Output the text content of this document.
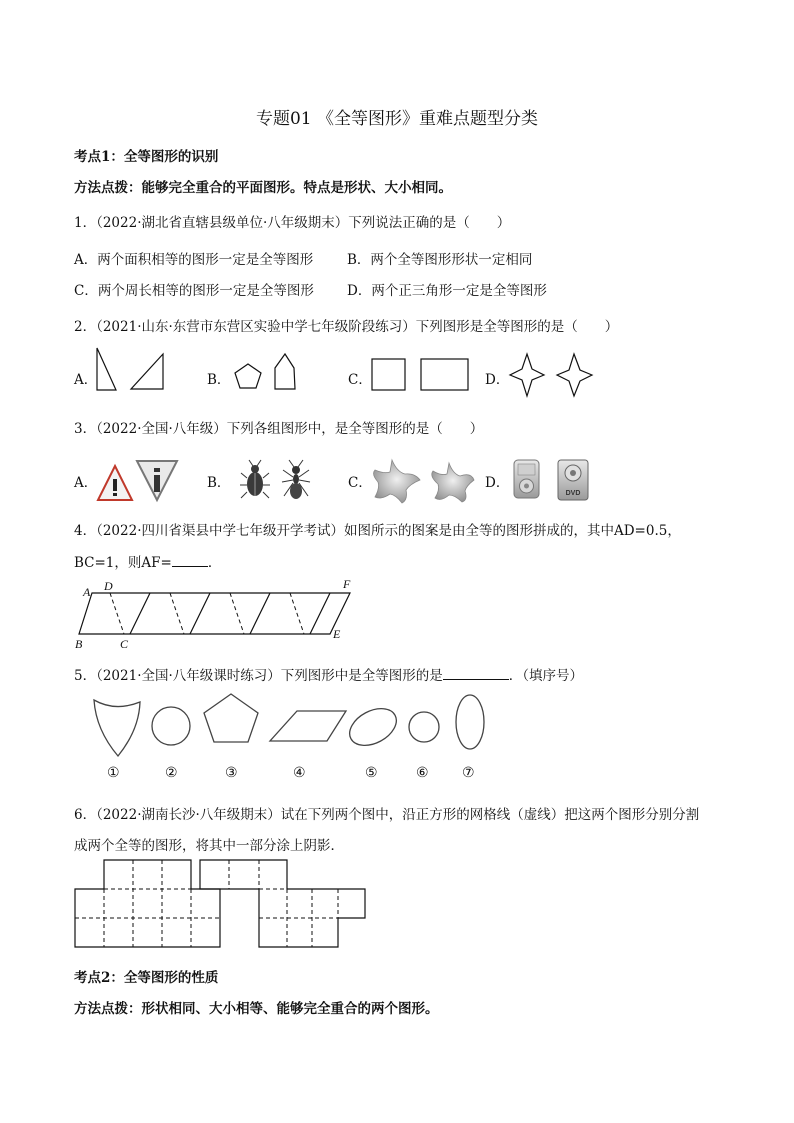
专题01 《全等图形》重难点题型分类
考点1：全等图形的识别
方法点拨：能够完全重合的平面图形。特点是形状、大小相同。
1．（2022·湖北省直辖县级单位·八年级期末）下列说法正确的是（　　）
A．两个面积相等的图形一定是全等图形	B．两个全等图形形状一定相同
C．两个周长相等的图形一定是全等图形 D．两个正三角形一定是全等图形
2．（2021·山东·东营市东营区实验中学七年级阶段练习）下列图形是全等图形的是（　　）
A．	B．	C．	D．
3．（2022·全国·八年级）下列各组图形中，是全等图形的是（　　）
A．	B．	C．	D．
DVD
4．（2022·四川省渠县中学七年级开学考试）如图所示的图案是由全等的图形拼成的，其中AD=0.5，
BC=1，则AF=	．
A D	F
B	C
E
5．（2021·全国·八年级课时练习）下列图形中是全等图形的是	．（填序号）
①	②	③	④	⑤	⑥ ⑦
6．（2022·湖南长沙·八年级期末）试在下列两个图中，沿正方形的网格线（虚线）把这两个图形分别分割
成两个全等的图形，将其中一部分涂上阴影．
考点2：全等图形的性质
方法点拨：形状相同、大小相等、能够完全重合的两个图形。
